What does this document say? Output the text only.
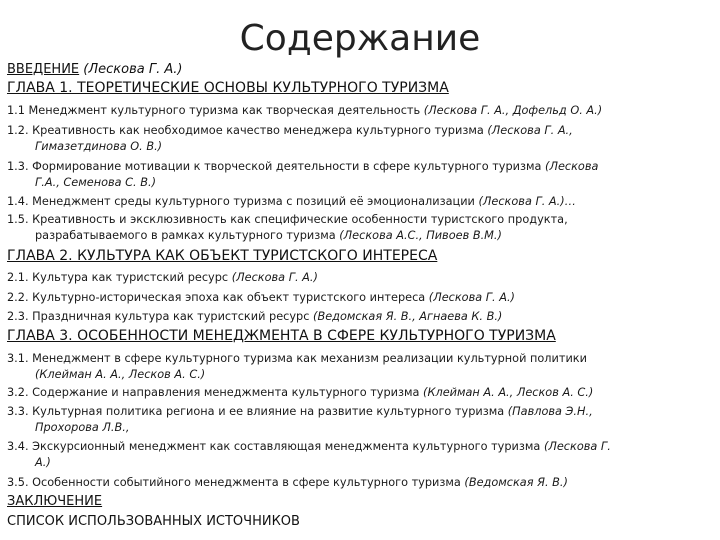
Содержание
ВВЕДЕНИЕ (Лескова Г. А.)
ГЛАВА 1. ТЕОРЕТИЧЕСКИЕ ОСНОВЫ КУЛЬТУРНОГО ТУРИЗМА
1.1 Менеджмент культурного туризма как творческая деятельность (Лескова Г. А., Дофельд О. А.)
1.2. Креативность как необходимое качество менеджера культурного туризма (Лескова Г. А.,
Гимазетдинова О. В.)
1.3. Формирование мотивации к творческой деятельности в сфере культурного туризма (Лескова
Г.А., Семенова С. В.)
1.4. Менеджмент среды культурного туризма с позиций её эмоционализации (Лескова Г. А.)…
1.5. Креативность и эксклюзивность как специфические особенности туристского продукта,
разрабатываемого в рамках культурного туризма (Лескова А.С., Пивоев В.М.)
ГЛАВА 2. КУЛЬТУРА КАК ОБЪЕКТ ТУРИСТСКОГО ИНТЕРЕСА
2.1. Культура как туристский ресурс (Лескова Г. А.)
2.2. Культурно-историческая эпоха как объект туристского интереса (Лескова Г. А.)
2.3. Праздничная культура как туристский ресурс (Ведомская Я. В., Агнаева К. В.)
ГЛАВА 3. ОСОБЕННОСТИ МЕНЕДЖМЕНТА В СФЕРЕ КУЛЬТУРНОГО ТУРИЗМА
3.1. Менеджмент в сфере культурного туризма как механизм реализации культурной политики
(Клейман А. А., Лесков А. С.)
3.2. Содержание и направления менеджмента культурного туризма (Клейман А. А., Лесков А. С.)
3.3. Культурная политика региона и ее влияние на развитие культурного туризма (Павлова Э.Н.,
Прохорова Л.В.,
3.4. Экскурсионный менеджмент как составляющая менеджмента культурного туризма (Лескова Г.
А.)
3.5. Особенности событийного менеджмента в сфере культурного туризма (Ведомская Я. В.)
ЗАКЛЮЧЕНИЕ
СПИСОК ИСПОЛЬЗОВАННЫХ ИСТОЧНИКОВ
